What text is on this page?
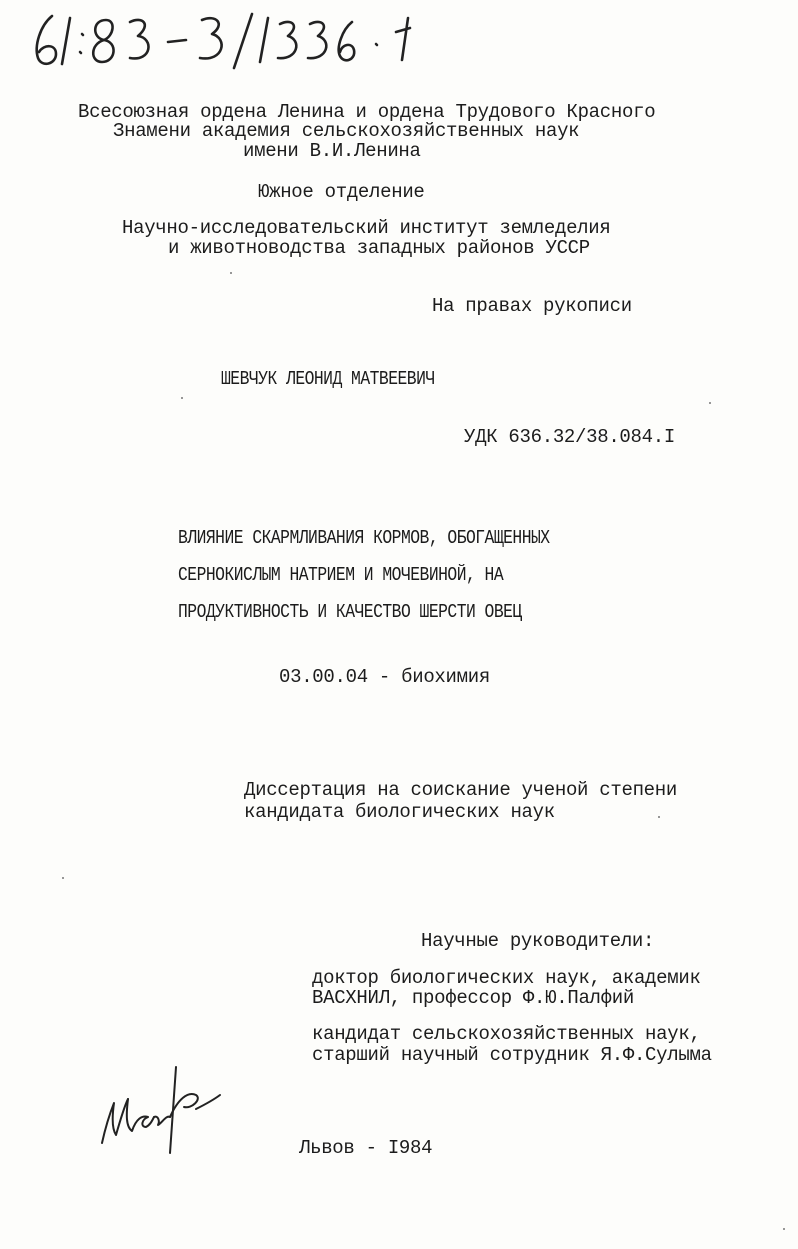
Всесоюзная ордена Ленина и ордена Трудового Красного
Знамени академия сельскохозяйственных наук
имени В.И.Ленина
Южное отделение
Научно-исследовательский институт земледелия
и животноводства западных районов УССР
На правах рукописи
ШЕВЧУК ЛЕОНИД МАТВЕЕВИЧ
УДК 636.32/38.084.I
ВЛИЯНИЕ СКАРМЛИВАНИЯ КОРМОВ, ОБОГАЩЕННЫХ
СЕРНОКИСЛЫМ НАТРИЕМ И МОЧЕВИНОЙ, НА
ПРОДУКТИВНОСТЬ И КАЧЕСТВО ШЕРСТИ ОВЕЦ
03.00.04 - биохимия
Диссертация на соискание ученой степени
кандидата биологических наук
Научные руководители:
доктор биологических наук, академик
ВАСХНИЛ, профессор Ф.Ю.Палфий
кандидат сельскохозяйственных наук,
старший научный сотрудник Я.Ф.Сулыма
Львов - I984
